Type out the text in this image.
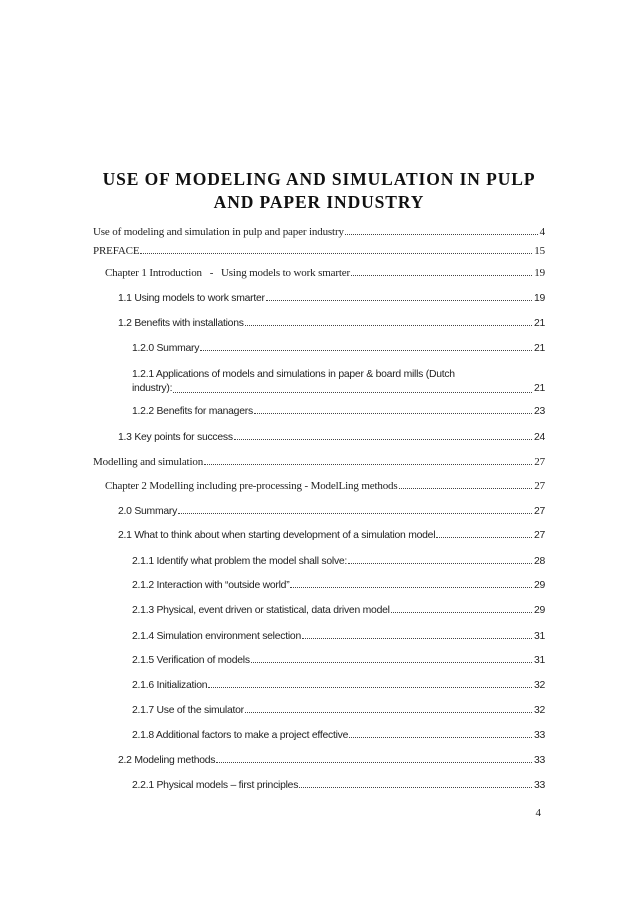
USE OF MODELING AND SIMULATION IN PULP
AND PAPER INDUSTRY
Use of modeling and simulation in pulp and paper industry	4
PREFACE	15
Chapter 1 Introduction   -   Using models to work smarter	19
1.1 Using models to work smarter	19
1.2 Benefits with installations	21
1.2.0 Summary	21
1.2.1 Applications of models and simulations in paper & board mills (Dutch
industry):	21
1.2.2 Benefits for managers	23
1.3 Key points for success	24
Modelling and simulation	27
Chapter 2 Modelling including pre-processing - ModelLing methods	27
2.0 Summary	27
2.1 What to think about when starting development of a simulation model	27
2.1.1 Identify what problem the model shall solve:	28
2.1.2 Interaction with “outside world”	29
2.1.3 Physical, event driven or statistical, data driven model	29
2.1.4 Simulation environment selection	31
2.1.5 Verification of models	31
2.1.6 Initialization	32
2.1.7 Use of the simulator	32
2.1.8 Additional factors to make a project effective	33
2.2 Modeling methods	33
2.2.1 Physical models – first principles	33
4
